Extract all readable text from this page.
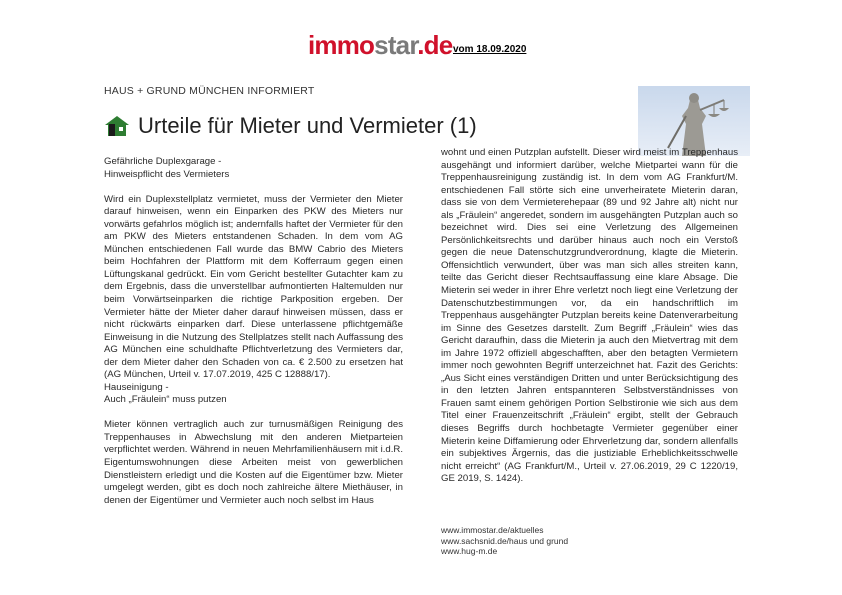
immostar.de vom 18.09.2020
HAUS + GRUND MÜNCHEN INFORMIERT
Urteile für Mieter und Vermieter (1)
Gefährliche Duplexgarage -
Hinweispflicht des Vermieters

Wird ein Duplexstellplatz vermietet, muss der Vermieter den Mieter darauf hinweisen, wenn ein Einparken des PKW des Mieters nur vorwärts gefahrlos möglich ist; andernfalls haftet der Vermieter für den am PKW des Mieters entstandenen Schaden. In dem vom AG München entschiedenen Fall wurde das BMW Cabrio des Mieters beim Hochfahren der Plattform mit dem Kofferraum gegen einen Lüftungskanal gedrückt. Ein vom Gericht bestellter Gutachter kam zu dem Ergebnis, dass die unverstellbar aufmontierten Haltemulden nur beim Vorwärtseinparken die richtige Parkposition ergeben. Der Vermieter hätte der Mieter daher darauf hinweisen müssen, dass er nicht rückwärts einparken darf. Diese unterlassene pflichtgemäße Einweisung in die Nutzung des Stellplatzes stellt nach Auffassung des AG München eine schuldhafte Pflichtverletzung des Vermieters dar, der dem Mieter daher den Schaden von ca. € 2.500 zu ersetzen hat (AG München, Urteil v. 17.07.2019, 425 C 12888/17).

Hauseinigung -
Auch „Fräulein“ muss putzen

Mieter können vertraglich auch zur turnusmäßigen Reinigung des Treppenhauses in Abwechslung mit den anderen Mietparteien verpflichtet werden. Während in neuen Mehrfamilienhäusern mit i.d.R. Eigentumswohnungen diese Arbeiten meist von gewerblichen Dienstleistern erledigt und die Kosten auf die Eigentümer bzw. Mieter umgelegt werden, gibt es doch noch zahlreiche ältere Miethäuser, in denen der Eigentümer und Vermieter auch noch selbst im Haus

wohnt und einen Putzplan aufstellt. Dieser wird meist im Treppenhaus ausgehängt und informiert darüber, welche Mietpartei wann für die Treppenhausreinigung zuständig ist. In dem vom AG Frankfurt/M. entschiedenen Fall störte sich eine unverheiratete Mieterin daran, dass sie von dem Vermieterehepaar (89 und 92 Jahre alt) nicht nur als „Fräulein“ angeredet, sondern im ausgehängten Putzplan auch so bezeichnet wird. Dies sei eine Verletzung des Allgemeinen Persönlichkeitsrechts und darüber hinaus auch noch ein Verstoß gegen die neue Datenschutzgrundverordnung, klagte die Mieterin. Offensichtlich verwundert, über was man sich alles streiten kann, teilte das Gericht dieser Rechtsauffassung eine klare Absage. Die Mieterin sei weder in ihrer Ehre verletzt noch liegt eine Verletzung der Datenschutzbestimmungen vor, da ein handschriftlich im Treppenhaus ausgehängter Putzplan bereits keine Datenverarbeitung im Sinne des Gesetzes darstellt. Zum Begriff „Fräulein“ wies das Gericht daraufhin, dass die Mieterin ja auch den Mietvertrag mit dem im Jahre 1972 offiziell abgeschafften, aber den betagten Vermietern immer noch gewohnten Begriff unterzeichnet hat. Fazit des Gerichts: „Aus Sicht eines verständigen Dritten und unter Berücksichtigung des in den letzten Jahren entspannteren Selbstverständnisses von Frauen samt einem gehörigen Portion Selbstironie wie sich aus dem Titel einer Frauenzeitschrift „Fräulein“ ergibt, stellt der Gebrauch dieses Begriffs durch hochbetagte Vermieter gegenüber einer Mieterin keine Diffamierung oder Ehrverletzung dar, sondern allenfalls ein subjektives Ärgernis, das die justiziable Erheblichkeitsschwelle nicht erreicht“ (AG Frankfurt/M., Urteil v. 27.06.2019, 29 C 1220/19, GE 2019, S. 1424).

www.immostar.de/aktuelles
www.sachsnid.de/haus und grund
www.hug-m.de
